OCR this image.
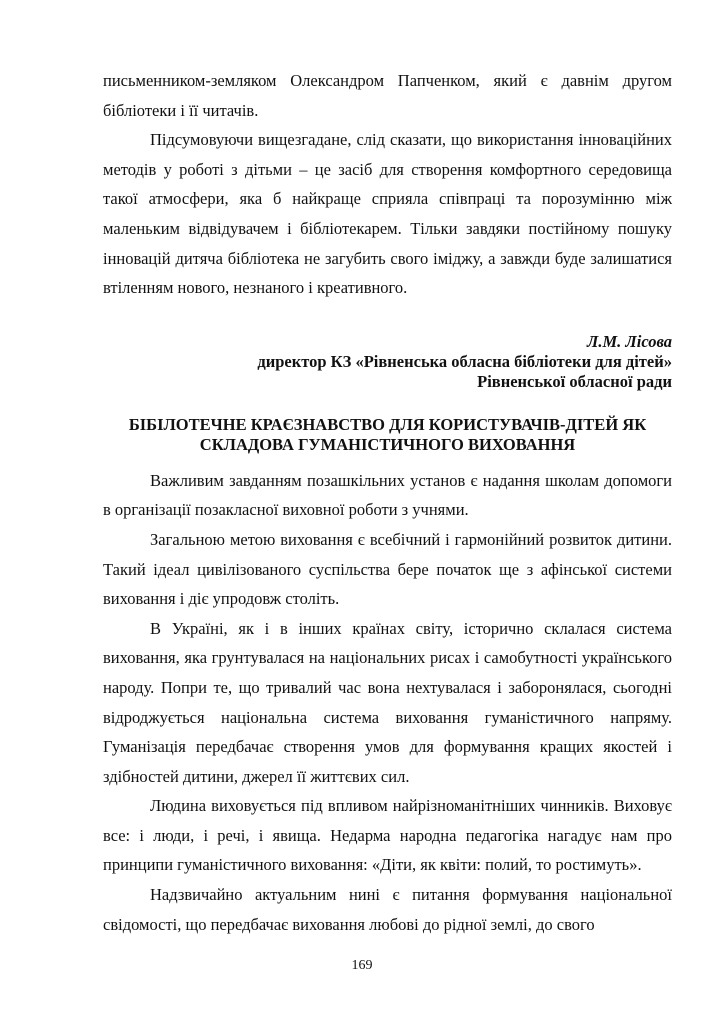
письменником-земляком Олександром Папченком, який є давнім другом бібліотеки і її читачів.

Підсумовуючи вищезгадане, слід сказати, що використання інноваційних методів у роботі з дітьми – це засіб для створення комфортного середовища такої атмосфери, яка б найкраще сприяла співпраці та порозумінню між маленьким відвідувачем і бібліотекарем. Тільки завдяки постійному пошуку інновацій дитяча бібліотека не загубить свого іміджу, а завжди буде залишатися втіленням нового, незнаного і креативного.

Л.М. Лісова
директор КЗ «Рівненська обласна бібліотеки для дітей»
Рівненської обласної ради
БІБІЛОТЕЧНЕ КРАЄЗНАВСТВО ДЛЯ КОРИСТУВАЧІВ-ДІТЕЙ ЯК
СКЛАДОВА ГУМАНІСТИЧНОГО ВИХОВАННЯ

Важливим завданням позашкільних установ є надання школам допомоги в організації позакласної виховної роботи з учнями.

Загальною метою виховання є всебічний і гармонійний розвиток дитини. Такий ідеал цивілізованого суспільства бере початок ще з афінської системи виховання і діє упродовж століть.

В Україні, як і в інших країнах світу, історично склалася система виховання, яка грунтувалася на національних рисах і самобутності українського народу. Попри те, що тривалий час вона нехтувалася і заборонялася, сьогодні відроджується національна система виховання гуманістичного напряму. Гуманізація передбачає створення умов для формування кращих якостей і здібностей дитини, джерел її життєвих сил.

Людина виховується під впливом найрізноманітніших чинників. Виховує все: і люди, і речі, і явища. Недарма народна педагогіка нагадує нам про принципи гуманістичного виховання: «Діти, як квіти: полий, то ростимуть».

Надзвичайно актуальним нині є питання формування національної свідомості, що передбачає виховання любові до рідної землі, до свого

169
